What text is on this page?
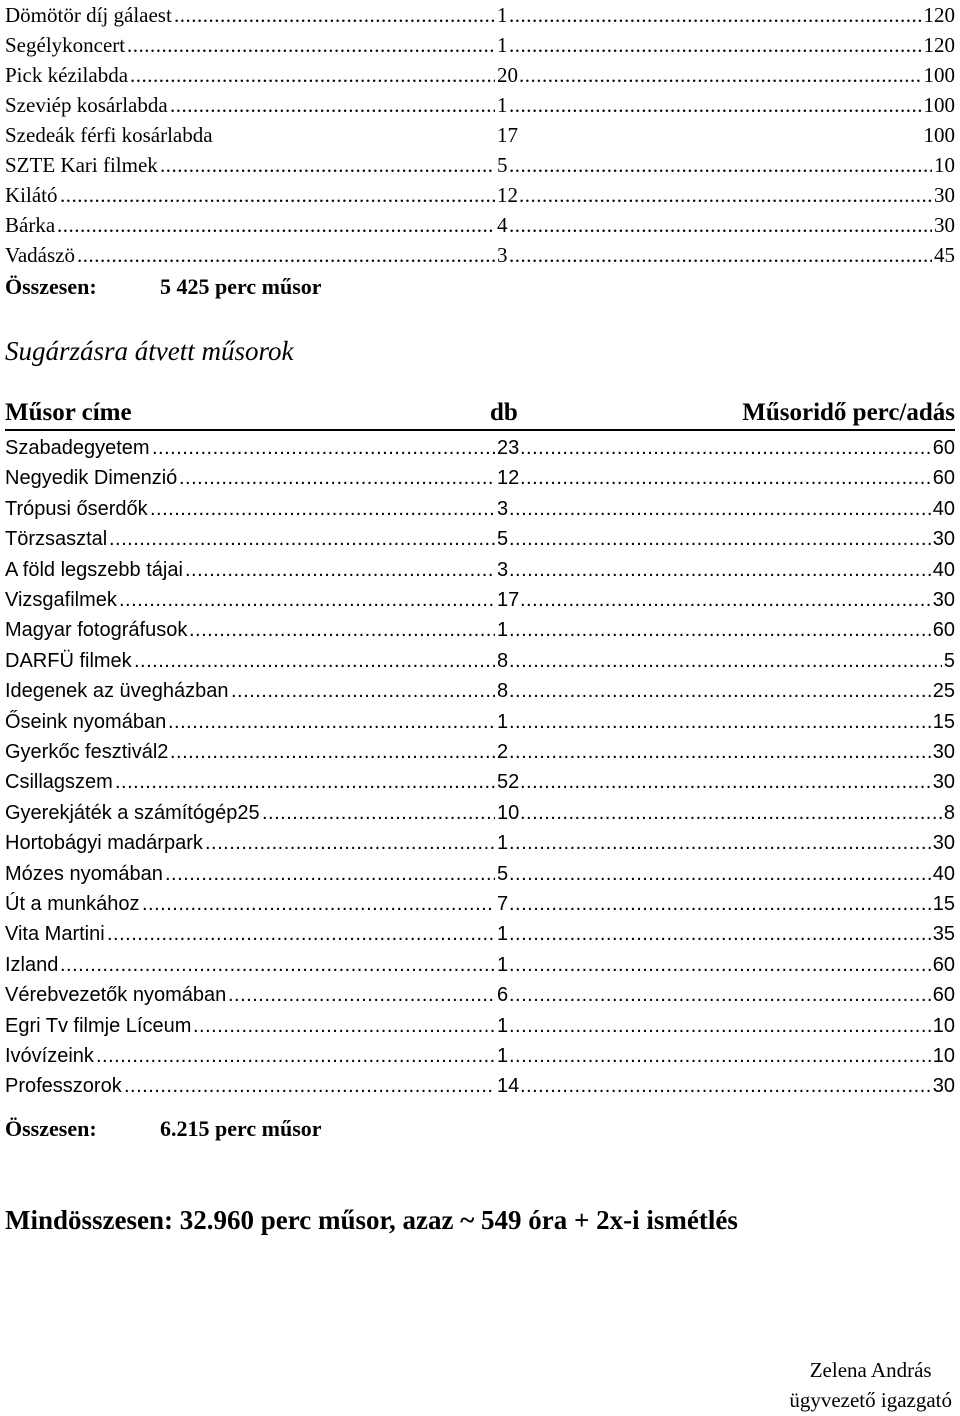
Dömötör díj gálaest .....	1 .....	120
Segélykoncert .....	1 .....	120
Pick kézilabda .....	20 .....	100
Szeviép kosárlabda .....	1 .....	100
Szedeák férfi kosárlabda	17	100
SZTE Kari filmek .....	5 .....	10
Kilátó .....	12 .....	30
Bárka .....	4 .....	30
Vadászö .....	3 .....	45
Összesen:	5 425 perc műsor
Sugárzásra átvett műsorok
Műsor címe	db	Műsoridő perc/adás
Szabadegyetem .....	23 .....	60
Negyedik Dimenzió .....	12 .....	60
Trópusi őserdők .....	3 .....	40
Törzsasztal .....	5 .....	30
A föld legszebb tájai .....	3 .....	40
Vizsgafilmek .....	17 .....	30
Magyar fotográfusok .....	1 .....	60
DARFÜ filmek .....	8 .....	5
Idegenek az üvegházban .....	8 .....	25
Őseink nyomában .....	1 .....	15
Gyerkőc fesztivál2 .....	2 .....	30
Csillagszem .....	52 .....	30
Gyerekjáték a számítógép25 .....	10 .....	8
Hortobágyi madárpark .....	1 .....	30
Mózes nyomában .....	5 .....	40
Út a munkához .....	7 .....	15
Vita Martini .....	1 .....	35
Izland .....	1 .....	60
Vérebvezetők nyomában .....	6 .....	60
Egri Tv filmje Líceum .....	1 .....	10
Ivóvízeink .....	1 .....	10
Professzorok .....	14 .....	30
Összesen:	6.215 perc műsor
Mindösszesen: 32.960 perc műsor, azaz ~ 549 óra + 2x-i ismétlés
Zelena András
ügyvezető igazgató
